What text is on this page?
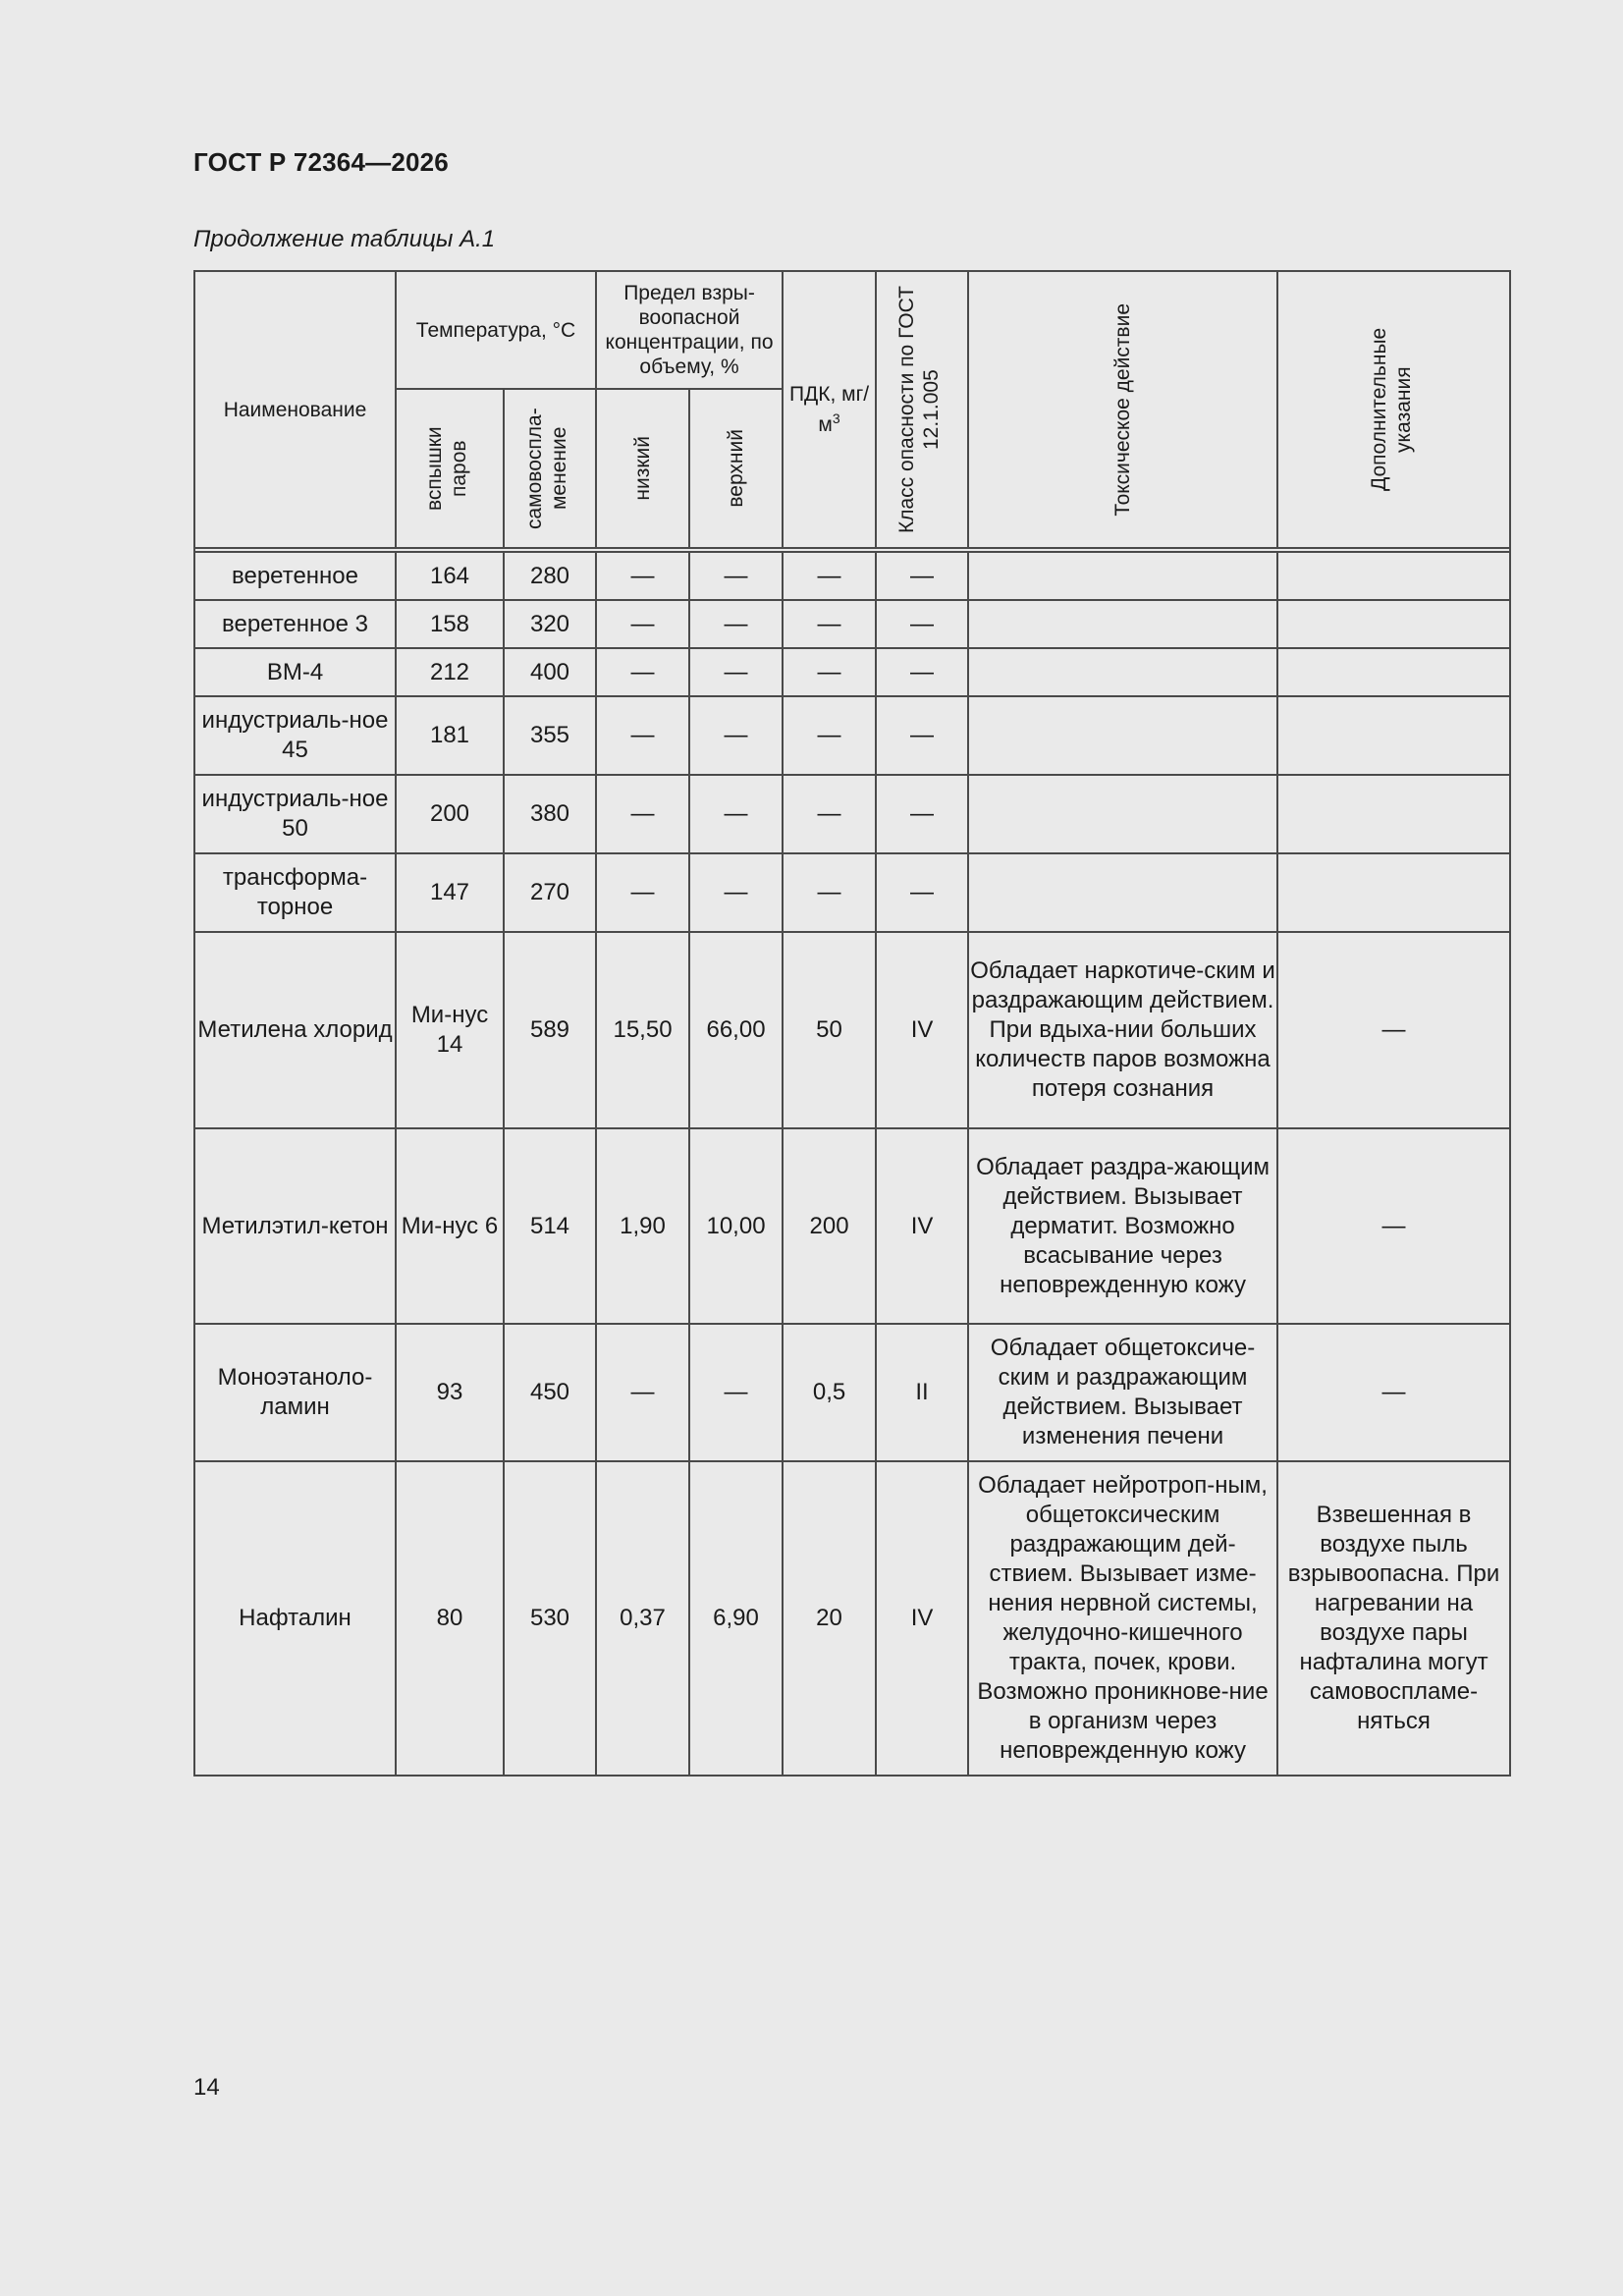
ГОСТ Р 72364—2026
Продолжение таблицы А.1
Наименование	Температура, °С		Предел взры-воопасной концентрации, по объему, %		ПДК, $мг/м^3$	Класс опасности по ГОСТ 12.1.005	Токсическое действие	Дополнительные указания

	вспышки паров	самовоспла-менение	низкий	верхний				

веретенное	164	280	—	—	—	—		
веретенное 3	158	320	—	—	—	—		
ВМ-4	212	400	—	—	—	—		
индустриаль-ное 45	181	355	—	—	—	—		
индустриаль-ное 50	200	380	—	—	—	—		
трансформа-торное	147	270	—	—	—	—		
Метилена хлорид	Ми-нус 14	589	15,50	66,00	50	IV	Обладает наркотиче-ским и раздражающим действием. При вдыха-нии больших количеств паров возможна потеря сознания	—
Метилэтил-кетон	Ми-нус 6	514	1,90	10,00	200	IV	Обладает раздра-жающим действием. Вызывает дерматит. Возможно всасывание через неповрежденную кожу	—
Моноэтаноло-ламин	93	450	—	—	0,5	II	Обладает общетоксиче-ским и раздражающим действием. Вызывает изменения печени	—
Нафталин	80	530	0,37	6,90	20	IV	Обладает нейротроп-ным, общетоксическим раздражающим дей-ствием. Вызывает изме-нения нервной системы, желудочно-кишечного тракта, почек, крови. Возможно проникнове-ние в организм через неповрежденную кожу	Взвешенная в воздухе пыль взрывоопасна. При нагревании на воздухе пары нафталина могут самовоспламе-няться
14
